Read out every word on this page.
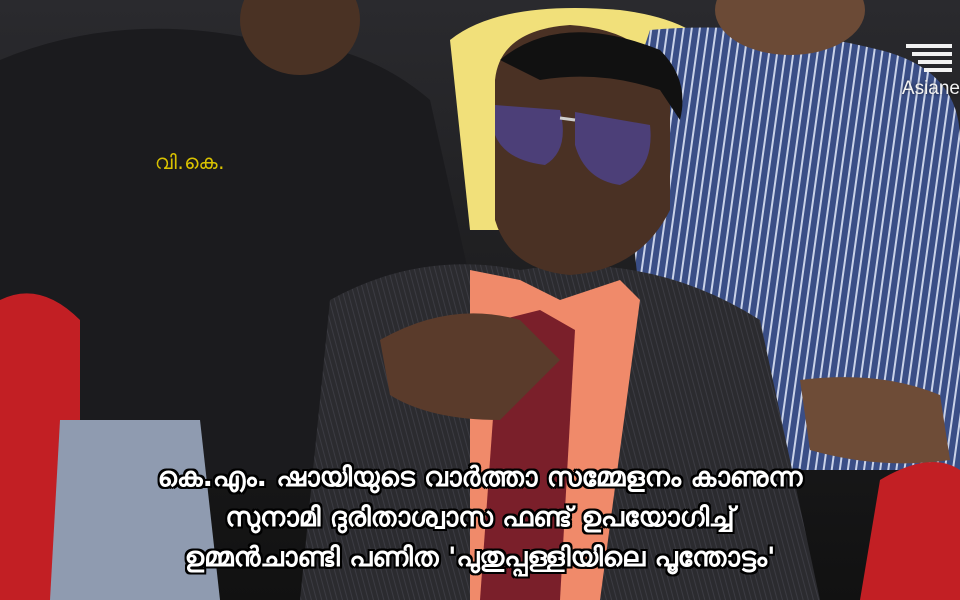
വി.കെ.
Asiane
കെ.എം. ഷായിയുടെ വാർത്താ സമ്മേളനം കാണുന്ന
സുനാമി ദുരിതാശ്വാസ ഫണ്ട് ഉപയോഗിച്ച്
ഉമ്മൻചാണ്ടി പണിത 'പുതുപ്പള്ളിയിലെ പൂന്തോട്ടം'
